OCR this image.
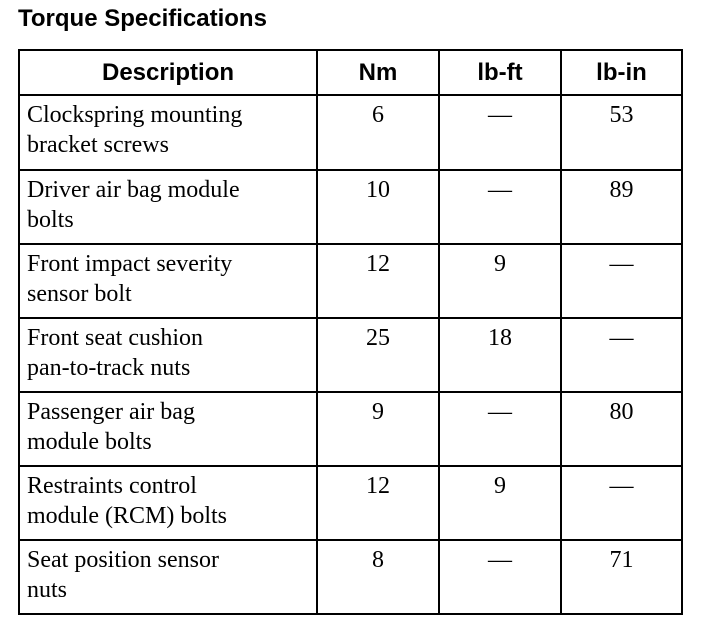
Torque Specifications
Description	Nm	lb-ft	lb-in
Clockspring mounting
bracket screws	6	—	53
Driver air bag module
bolts	10	—	89
Front impact severity
sensor bolt	12	9	—
Front seat cushion
pan-to-track nuts	25	18	—
Passenger air bag
module bolts	9	—	80
Restraints control
module (RCM) bolts	12	9	—
Seat position sensor
nuts	8	—	71
